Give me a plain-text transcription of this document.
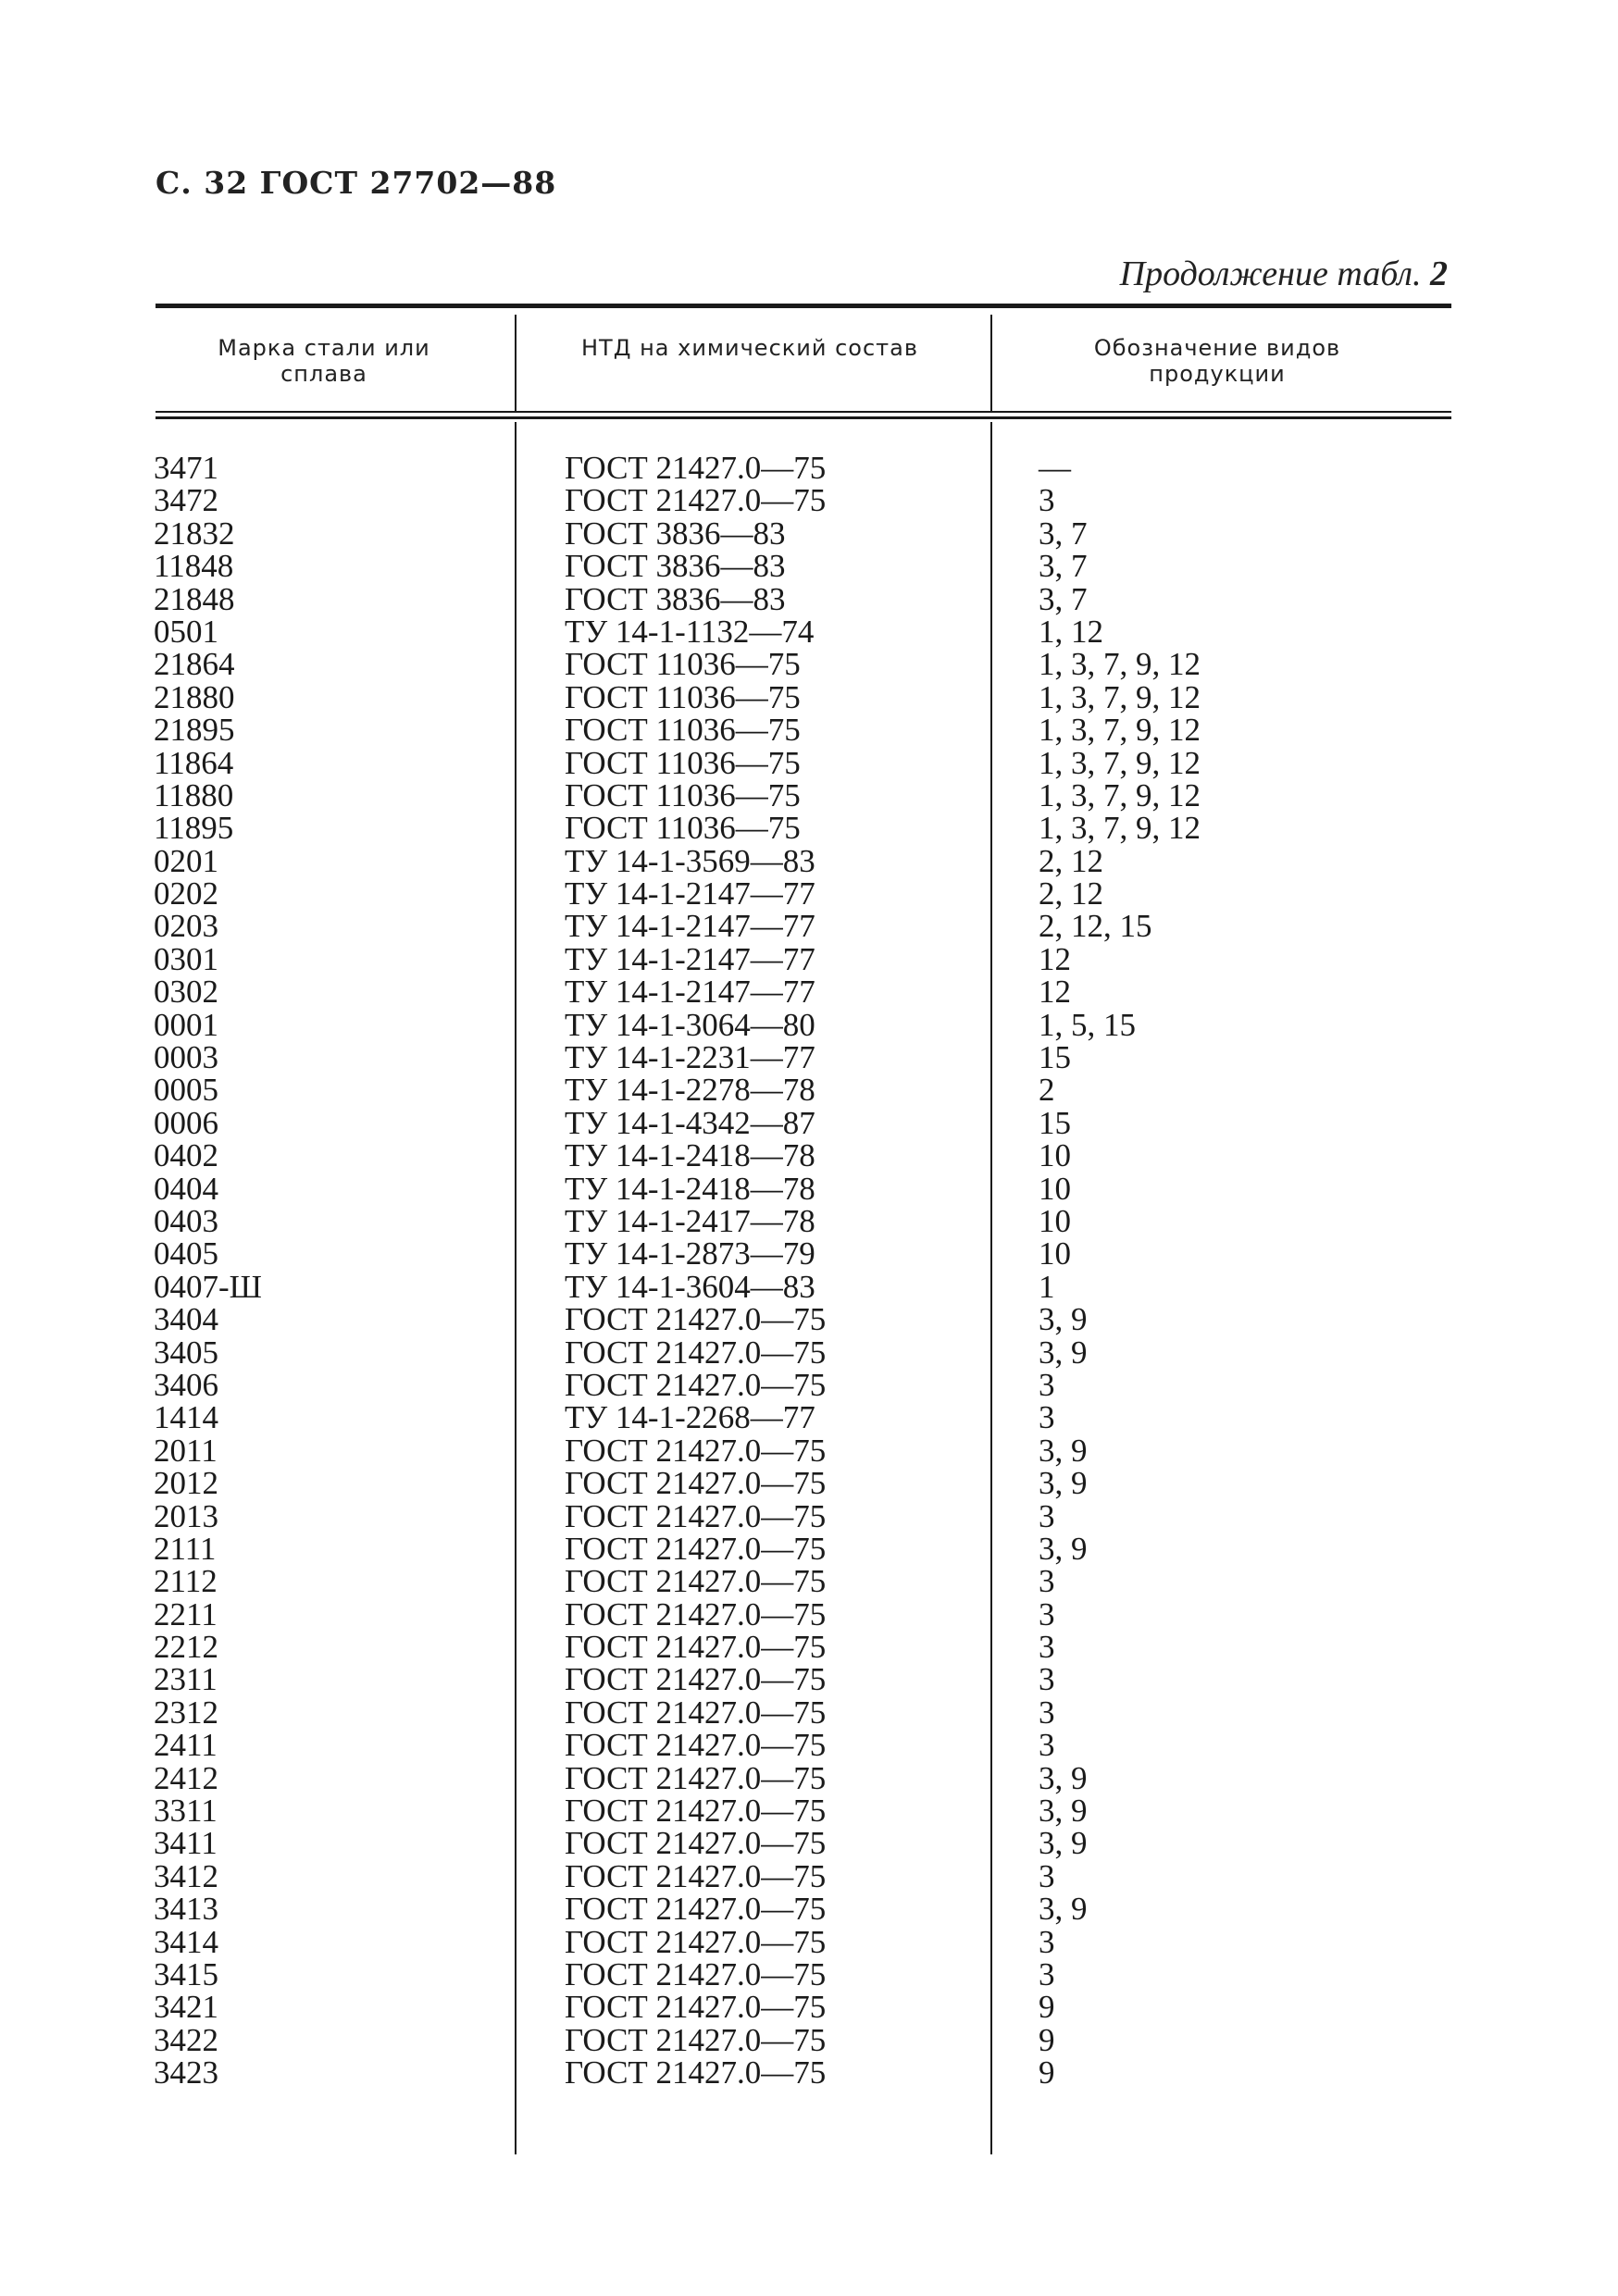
С. 32 ГОСТ 27702—88
Продолжение табл. 2
Марка стали или сплава
НТД на химический состав	Обозначение видов продукции
3471
3472
21832
11848
21848
0501
21864
21880
21895
11864
11880
11895
0201
0202
0203
0301
0302
0001
0003
0005
0006
0402
0404
0403
0405
0407-Ш
3404
3405
3406
1414
2011
2012
2013
2111
2112
2211
2212
2311
2312
2411
2412
3311
3411
3412
3413
3414
3415
3421
3422
3423
ГОСТ 21427.0—75
ГОСТ 21427.0—75
ГОСТ 3836—83
ГОСТ 3836—83
ГОСТ 3836—83
ТУ 14-1-1132—74
ГОСТ 11036—75
ГОСТ 11036—75
ГОСТ 11036—75
ГОСТ 11036—75
ГОСТ 11036—75
ГОСТ 11036—75
ТУ 14-1-3569—83
ТУ 14-1-2147—77
ТУ 14-1-2147—77
ТУ 14-1-2147—77
ТУ 14-1-2147—77
ТУ 14-1-3064—80
ТУ 14-1-2231—77
ТУ 14-1-2278—78
ТУ 14-1-4342—87
ТУ 14-1-2418—78
ТУ 14-1-2418—78
ТУ 14-1-2417—78
ТУ 14-1-2873—79
ТУ 14-1-3604—83
ГОСТ 21427.0—75
ГОСТ 21427.0—75
ГОСТ 21427.0—75
ТУ 14-1-2268—77
ГОСТ 21427.0—75
ГОСТ 21427.0—75
ГОСТ 21427.0—75
ГОСТ 21427.0—75
ГОСТ 21427.0—75
ГОСТ 21427.0—75
ГОСТ 21427.0—75
ГОСТ 21427.0—75
ГОСТ 21427.0—75
ГОСТ 21427.0—75
ГОСТ 21427.0—75
ГОСТ 21427.0—75
ГОСТ 21427.0—75
ГОСТ 21427.0—75
ГОСТ 21427.0—75
ГОСТ 21427.0—75
ГОСТ 21427.0—75
ГОСТ 21427.0—75
ГОСТ 21427.0—75
ГОСТ 21427.0—75
—
3
3, 7
3, 7
3, 7
1, 12
1, 3, 7, 9, 12
1, 3, 7, 9, 12
1, 3, 7, 9, 12
1, 3, 7, 9, 12
1, 3, 7, 9, 12
1, 3, 7, 9, 12
2, 12
2, 12
2, 12, 15
12
12
1, 5, 15
15
2
15
10
10
10
10
1
3, 9
3, 9
3
3
3, 9
3, 9
3
3, 9
3
3
3
3
3
3
3, 9
3, 9
3, 9
3
3, 9
3
3
9
9
9
